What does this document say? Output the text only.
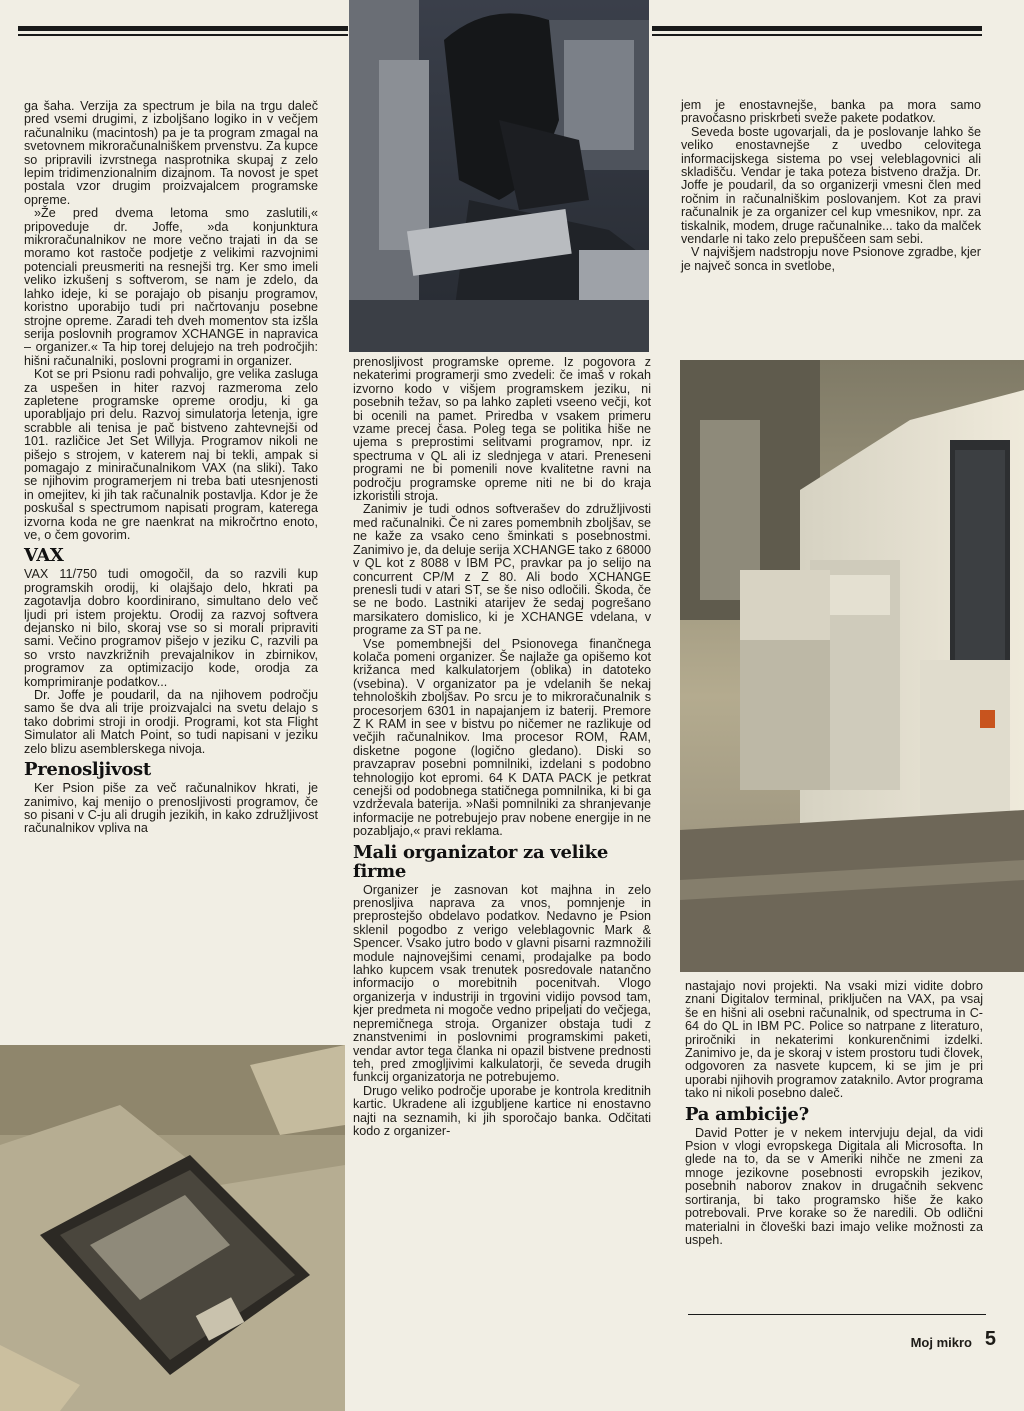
ga šaha. Verzija za spectrum je bila na trgu daleč pred vsemi drugimi, z izboljšano logiko in v večjem računalniku (macintosh) pa je ta program zmagal na svetovnem mikroračunalniškem prvenstvu. Za kupce so pripravili izvrstnega nasprotnika skupaj z zelo lepim tridimenzionalnim dizajnom. Ta novost je spet postala vzor drugim proizvajalcem programske opreme.

»Že pred dvema letoma smo zaslutili,« pripoveduje dr. Joffe, »da konjunktura mikroračunalnikov ne more večno trajati in da se moramo kot rastoče podjetje z velikimi razvojnimi potenciali preusmeriti na resnejši trg. Ker smo imeli veliko izkušenj s softverom, se nam je zdelo, da lahko ideje, ki se porajajo ob pisanju programov, koristno uporabijo tudi pri načrtovanju posebne strojne opreme. Zaradi teh dveh momentov sta izšla serija poslovnih programov XCHANGE in napravica – organizer.« Ta hip torej delujejo na treh področjih: hišni računalniki, poslovni programi in organizer.

Kot se pri Psionu radi pohvalijo, gre velika zasluga za uspešen in hiter razvoj razmeroma zelo zapletene programske opreme orodju, ki ga uporabljajo pri delu. Razvoj simulatorja letenja, igre scrabble ali tenisa je pač bistveno zahtevnejši od 101. različice Jet Set Willyja. Programov nikoli ne pišejo s strojem, v katerem naj bi tekli, ampak si pomagajo z miniračunalnikom VAX (na sliki). Tako se njihovim programerjem ni treba bati utesnjenosti in omejitev, ki jih tak računalnik postavlja. Kdor je že poskušal s spectrumom napisati program, katerega izvorna koda ne gre naenkrat na mikročrtno enoto, ve, o čem govorim.

VAX

VAX 11/750 tudi omogočil, da so razvili kup programskih orodij, ki olajšajo delo, hkrati pa zagotavlja dobro koordinirano, simultano delo več ljudi pri istem projektu. Orodij za razvoj softvera dejansko ni bilo, skoraj vse so si morali pripraviti sami. Večino programov pišejo v jeziku C, razvili pa so vrsto navzkrižnih prevajalnikov in zbirnikov, programov za optimizacijo kode, orodja za komprimiranje podatkov...

Dr. Joffe je poudaril, da na njihovem področju samo še dva ali trije proizvajalci na svetu delajo s tako dobrimi stroji in orodji. Programi, kot sta Flight Simulator ali Match Point, so tudi napisani v jeziku zelo blizu asemblerskega nivoja.

Prenosljivost

Ker Psion piše za več računalnikov hkrati, je zanimivo, kaj menijo o prenosljivosti programov, če so pisani v C-ju ali drugih jezikih, in kako združljivost računalnikov vpliva na

prenosljivost programske opreme. Iz pogovora z nekaterimi programerji smo zvedeli: če imaš v rokah izvorno kodo v višjem programskem jeziku, ni posebnih težav, so pa lahko zapleti vseeno večji, kot bi ocenili na pamet. Priredba v vsakem primeru vzame precej časa. Poleg tega se politika hiše ne ujema s preprostimi selitvami programov, npr. iz spectruma v QL ali iz slednjega v atari. Preneseni programi ne bi pomenili nove kvalitetne ravni na področju programske opreme niti ne bi do kraja izkoristili stroja.

Zanimiv je tudi odnos softverašev do združljivosti med računalniki. Če ni zares pomembnih zboljšav, se ne kaže za vsako ceno šminkati s posebnostmi. Zanimivo je, da deluje serija XCHANGE tako z 68000 v QL kot z 8088 v IBM PC, pravkar pa jo selijo na concurrent CP/M z Z 80. Ali bodo XCHANGE prenesli tudi v atari ST, se še niso odločili. Škoda, če se ne bodo. Lastniki atarijev že sedaj pogrešano marsikatero domislico, ki je XCHANGE vdelana, v programe za ST pa ne.

Vse pomembnejši del Psionovega finančnega kolača pomeni organizer. Še najlaže ga opišemo kot križanca med kalkulatorjem (oblika) in datoteko (vsebina). V organizator pa je vdelanih še nekaj tehnoloških zboljšav. Po srcu je to mikroračunalnik s procesorjem 6301 in napajanjem iz baterij. Premore Z K RAM in see v bistvu po ničemer ne razlikuje od večjih računalnikov. Ima procesor ROM, RAM, disketne pogone (logično gledano). Diski so pravzaprav posebni pomnilniki, izdelani s podobno tehnologijo kot epromi. 64 K DATA PACK je petkrat cenejši od podobnega statičnega pomnilnika, ki bi ga vzdrževala baterija. »Naši pomnilniki za shranjevanje informacije ne potrebujejo prav nobene energije in ne pozabljajo,« pravi reklama.

Mali organizator za velike firme

Organizer je zasnovan kot majhna in zelo prenosljiva naprava za vnos, pomnjenje in preprostejšo obdelavo podatkov. Nedavno je Psion sklenil pogodbo z verigo veleblagovnic Mark & Spencer. Vsako jutro bodo v glavni pisarni razmnožili module najnovejšimi cenami, prodajalke pa bodo lahko kupcem vsak trenutek posredovale natančno informacijo o morebitnih pocenitvah. Vlogo organizerja v industriji in trgovini vidijo povsod tam, kjer predmeta ni mogoče vedno pripeljati do večjega, nepremičnega stroja. Organizer obstaja tudi z znanstvenimi in poslovnimi programskimi paketi, vendar avtor tega članka ni opazil bistvene prednosti teh, pred zmogljivimi kalkulatorji, če seveda drugih funkcij organizatorja ne potrebujemo.

Drugo veliko področje uporabe je kontrola kreditnih kartic. Ukradene ali izgubljene kartice ni enostavno najti na seznamih, ki jih sporočajo banka. Odčitati kodo z organizer-

jem je enostavnejše, banka pa mora samo pravočasno priskrbeti sveže pakete podatkov.

Seveda boste ugovarjali, da je poslovanje lahko še veliko enostavnejše z uvedbo celovitega informacijskega sistema po vsej veleblagovnici ali skladišču. Vendar je taka poteza bistveno dražja. Dr. Joffe je poudaril, da so organizerji vmesni člen med ročnim in računalniškim poslovanjem. Kot za pravi računalnik je za organizer cel kup vmesnikov, npr. za tiskalnik, modem, druge računalnike... tako da malček vendarle ni tako zelo prepuščeen sam sebi.

V najvišjem nadstropju nove Psionove zgradbe, kjer je največ sonca in svetlobe,

nastajajo novi projekti. Na vsaki mizi vidite dobro znani Digitalov terminal, priključen na VAX, pa vsaj še en hišni ali osebni računalnik, od spectruma in C-64 do QL in IBM PC. Police so natrpane z literaturo, priročniki in nekaterimi konkurenčnimi izdelki. Zanimivo je, da je skoraj v istem prostoru tudi človek, odgovoren za nasvete kupcem, ki se jim je pri uporabi njihovih programov zataknilo. Avtor programa tako ni nikoli posebno daleč.

Pa ambicije?

David Potter je v nekem intervjuju dejal, da vidi Psion v vlogi evropskega Digitala ali Microsofta. In glede na to, da se v Ameriki nihče ne zmeni za mnoge jezikovne posebnosti evropskih jezikov, posebnih naborov znakov in drugačnih sekvenc sortiranja, bi tako programsko hiše že kako potrebovali. Prve korake so že naredili. Ob odlični materialni in človeški bazi imajo velike možnosti za uspeh.

Moj mikro 5
